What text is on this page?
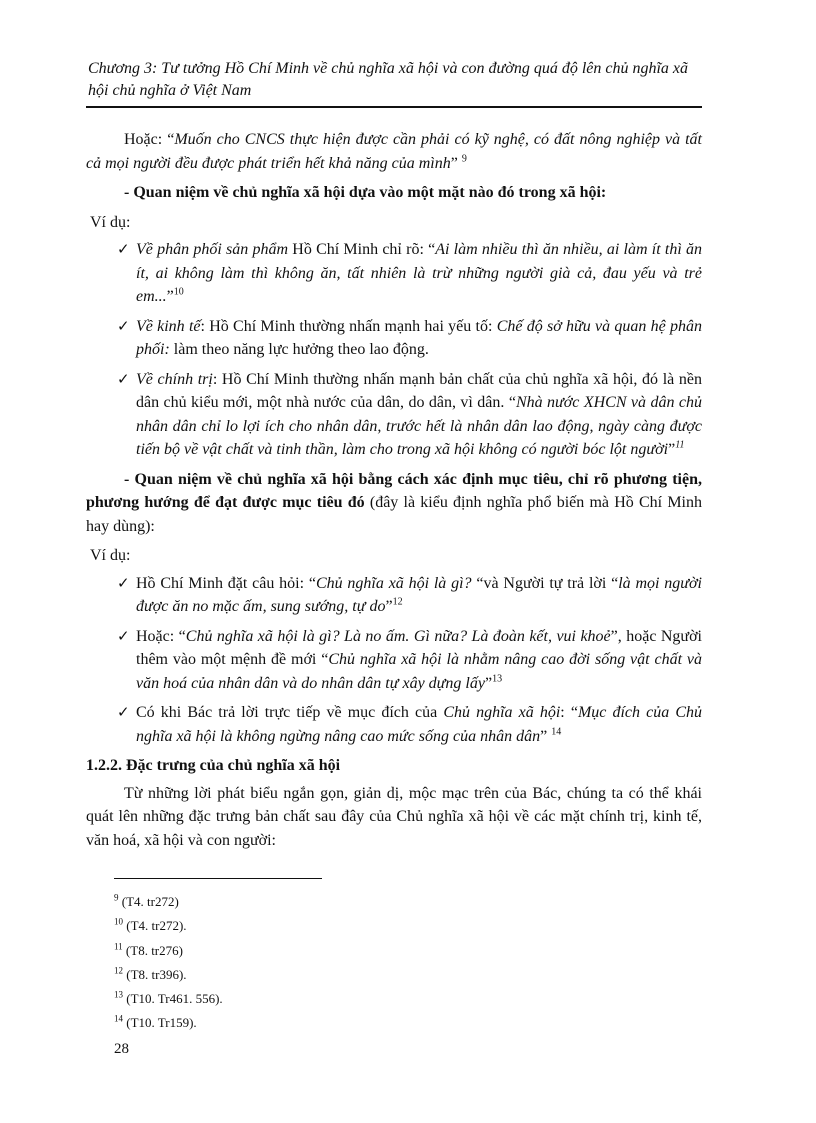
Chương 3: Tư tưởng Hồ Chí Minh về chủ nghĩa xã hội và con đường quá độ lên chủ nghĩa xã
hội chủ nghĩa ở Việt Nam

Hoặc: “Muốn cho CNCS thực hiện được cần phải có kỹ nghệ, có đất nông nghiệp và tất cả mọi người đều được phát triển hết khả năng của mình” $^9$

- Quan niệm về chủ nghĩa xã hội dựa vào một mặt nào đó trong xã hội:

Ví dụ:
✓ Về phân phối sản phẩm Hồ Chí Minh chỉ rõ: “Ai làm nhiều thì ăn nhiều, ai làm ít thì ăn ít, ai không làm thì không ăn, tất nhiên là trừ những người già cả, đau yếu và trẻ em...”$^{10}$
✓ Về kinh tế: Hồ Chí Minh thường nhấn mạnh hai yếu tố: Chế độ sở hữu và quan hệ phân phối: làm theo năng lực hưởng theo lao động.
✓ Về chính trị: Hồ Chí Minh thường nhấn mạnh bản chất của chủ nghĩa xã hội, đó là nền dân chủ kiểu mới, một nhà nước của dân, do dân, vì dân. “Nhà nước XHCN và dân chủ nhân dân chỉ lo lợi ích cho nhân dân, trước hết là nhân dân lao động, ngày càng được tiến bộ về vật chất và tinh thần, làm cho trong xã hội không có người bóc lột người”$^{11}$

- Quan niệm về chủ nghĩa xã hội bằng cách xác định mục tiêu, chỉ rõ phương tiện, phương hướng để đạt được mục tiêu đó (đây là kiểu định nghĩa phổ biến mà Hồ Chí Minh hay dùng):

Ví dụ:
✓ Hồ Chí Minh đặt câu hỏi: “Chủ nghĩa xã hội là gì? “và Người tự trả lời “là mọi người được ăn no mặc ấm, sung sướng, tự do”$^{12}$
✓ Hoặc: “Chủ nghĩa xã hội là gì? Là no ấm. Gì nữa? Là đoàn kết, vui khoẻ”, hoặc Người thêm vào một mệnh đề mới “Chủ nghĩa xã hội là nhằm nâng cao đời sống vật chất và văn hoá của nhân dân và do nhân dân tự xây dựng lấy”$^{13}$
✓ Có khi Bác trả lời trực tiếp về mục đích của Chủ nghĩa xã hội: “Mục đích của Chủ nghĩa xã hội là không ngừng nâng cao mức sống của nhân dân” $^{14}$
1.2.2. Đặc trưng của chủ nghĩa xã hội

Từ những lời phát biểu ngắn gọn, giản dị, mộc mạc trên của Bác, chúng ta có thể khái quát lên những đặc trưng bản chất sau đây của Chủ nghĩa xã hội về các mặt chính trị, kinh tế, văn hoá, xã hội và con người:

$^9$ (T4. tr272)
$^{10}$ (T4. tr272).
$^{11}$ (T8. tr276)
$^{12}$ (T8. tr396).
$^{13}$ (T10. Tr461. 556).
$^{14}$ (T10. Tr159).
28
